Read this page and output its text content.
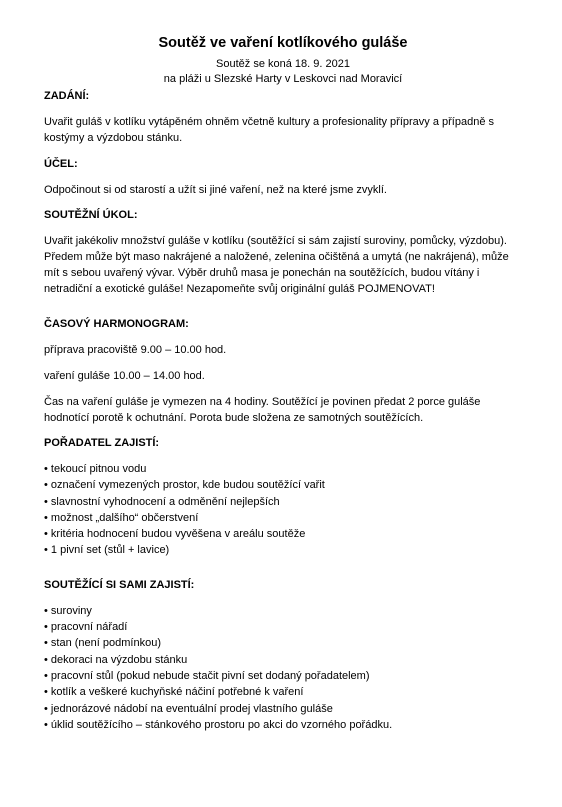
Soutěž ve vaření kotlíkového guláše

Soutěž se koná 18. 9. 2021

na pláži u Slezské Harty v Leskovci nad Moravicí

ZADÁNÍ:

Uvařit guláš v kotlíku vytápěném ohněm včetně kultury a profesionality přípravy a případně s kostýmy a výzdobou stánku.

ÚČEL:

Odpočinout si od starostí a užít si jiné vaření, než na které jsme zvyklí.

SOUTĚŽNÍ ÚKOL:

Uvařit jakékoliv množství guláše v kotlíku (soutěžící si sám zajistí suroviny, pomůcky, výzdobu). Předem může být maso nakrájené a naložené, zelenina očištěná a umytá (ne nakrájená), může mít s sebou uvařený vývar. Výběr druhů masa je ponechán na soutěžících, budou vítány i netradiční a exotické guláše! Nezapomeňte svůj originální guláš POJMENOVAT!

ČASOVÝ HARMONOGRAM:

příprava pracoviště 9.00 – 10.00 hod.

vaření guláše 10.00 – 14.00 hod.

Čas na vaření guláše je vymezen na 4 hodiny. Soutěžící je povinen předat 2 porce guláše hodnotící porotě k ochutnání. Porota bude složena ze samotných soutěžících.

POŘADATEL ZAJISTÍ:

• tekoucí pitnou vodu
• označení vymezených prostor, kde budou soutěžící vařit
• slavnostní vyhodnocení a odměnění nejlepších
• možnost „dalšího“ občerstvení
• kritéria hodnocení budou vyvěšena v areálu soutěže
• 1 pivní set (stůl + lavice)

SOUTĚŽÍCÍ SI SAMI ZAJISTÍ:

• suroviny
• pracovní nářadí
• stan (není podmínkou)
• dekoraci na výzdobu stánku
• pracovní stůl (pokud nebude stačit pivní set dodaný pořadatelem)
• kotlík a veškeré kuchyňské náčiní potřebné k vaření
• jednorázové nádobí na eventuální prodej vlastního guláše
• úklid soutěžícího – stánkového prostoru po akci do vzorného pořádku.
